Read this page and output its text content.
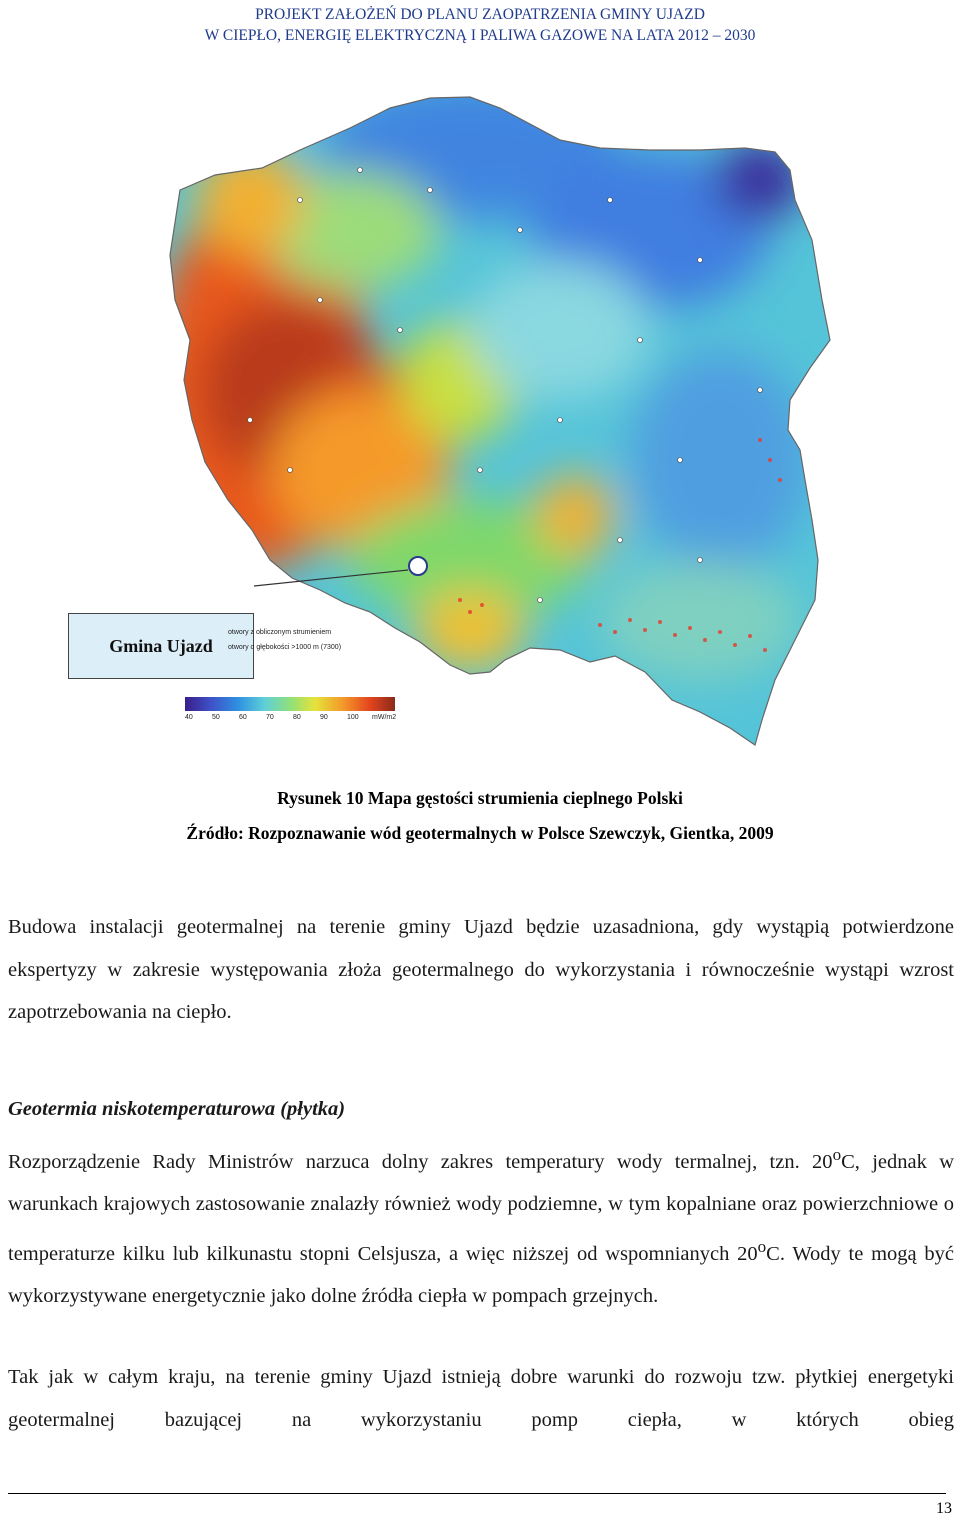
PROJEKT ZAŁOŻEŃ DO PLANU ZAOPATRZENIA GMINY UJAZD
W CIEPŁO, ENERGIĘ ELEKTRYCZNĄ I PALIWA GAZOWE NA LATA 2012 – 2030
Gmina Ujazd
otwory z obliczonym strumieniem
otwory o głębokości >1000 m (7300)
40	50	60	70	80	90	100 mW/m2
Rysunek 10 Mapa gęstości strumienia cieplnego Polski
Źródło: Rozpoznawanie wód geotermalnych w Polsce Szewczyk, Gientka, 2009
Budowa instalacji geotermalnej na terenie gminy Ujazd będzie uzasadniona, gdy wystąpią potwierdzone ekspertyzy w zakresie występowania złoża geotermalnego do wykorzystania i równocześnie wystąpi wzrost zapotrzebowania na ciepło.
Geotermia niskotemperaturowa (płytka)
Rozporządzenie Rady Ministrów narzuca dolny zakres temperatury wody termalnej, tzn. 20$^o$C, jednak w warunkach krajowych zastosowanie znalazły również wody podziemne, w tym kopalniane oraz powierzchniowe o temperaturze kilku lub kilkunastu stopni Celsjusza, a więc niższej od wspomnianych 20$^o$C. Wody te mogą być wykorzystywane energetycznie jako dolne źródła ciepła w pompach grzejnych.
Tak jak w całym kraju, na terenie gminy Ujazd istnieją dobre warunki do rozwoju tzw. płytkiej energetyki geotermalnej bazującej na wykorzystaniu pomp ciepła, w których obieg
13
